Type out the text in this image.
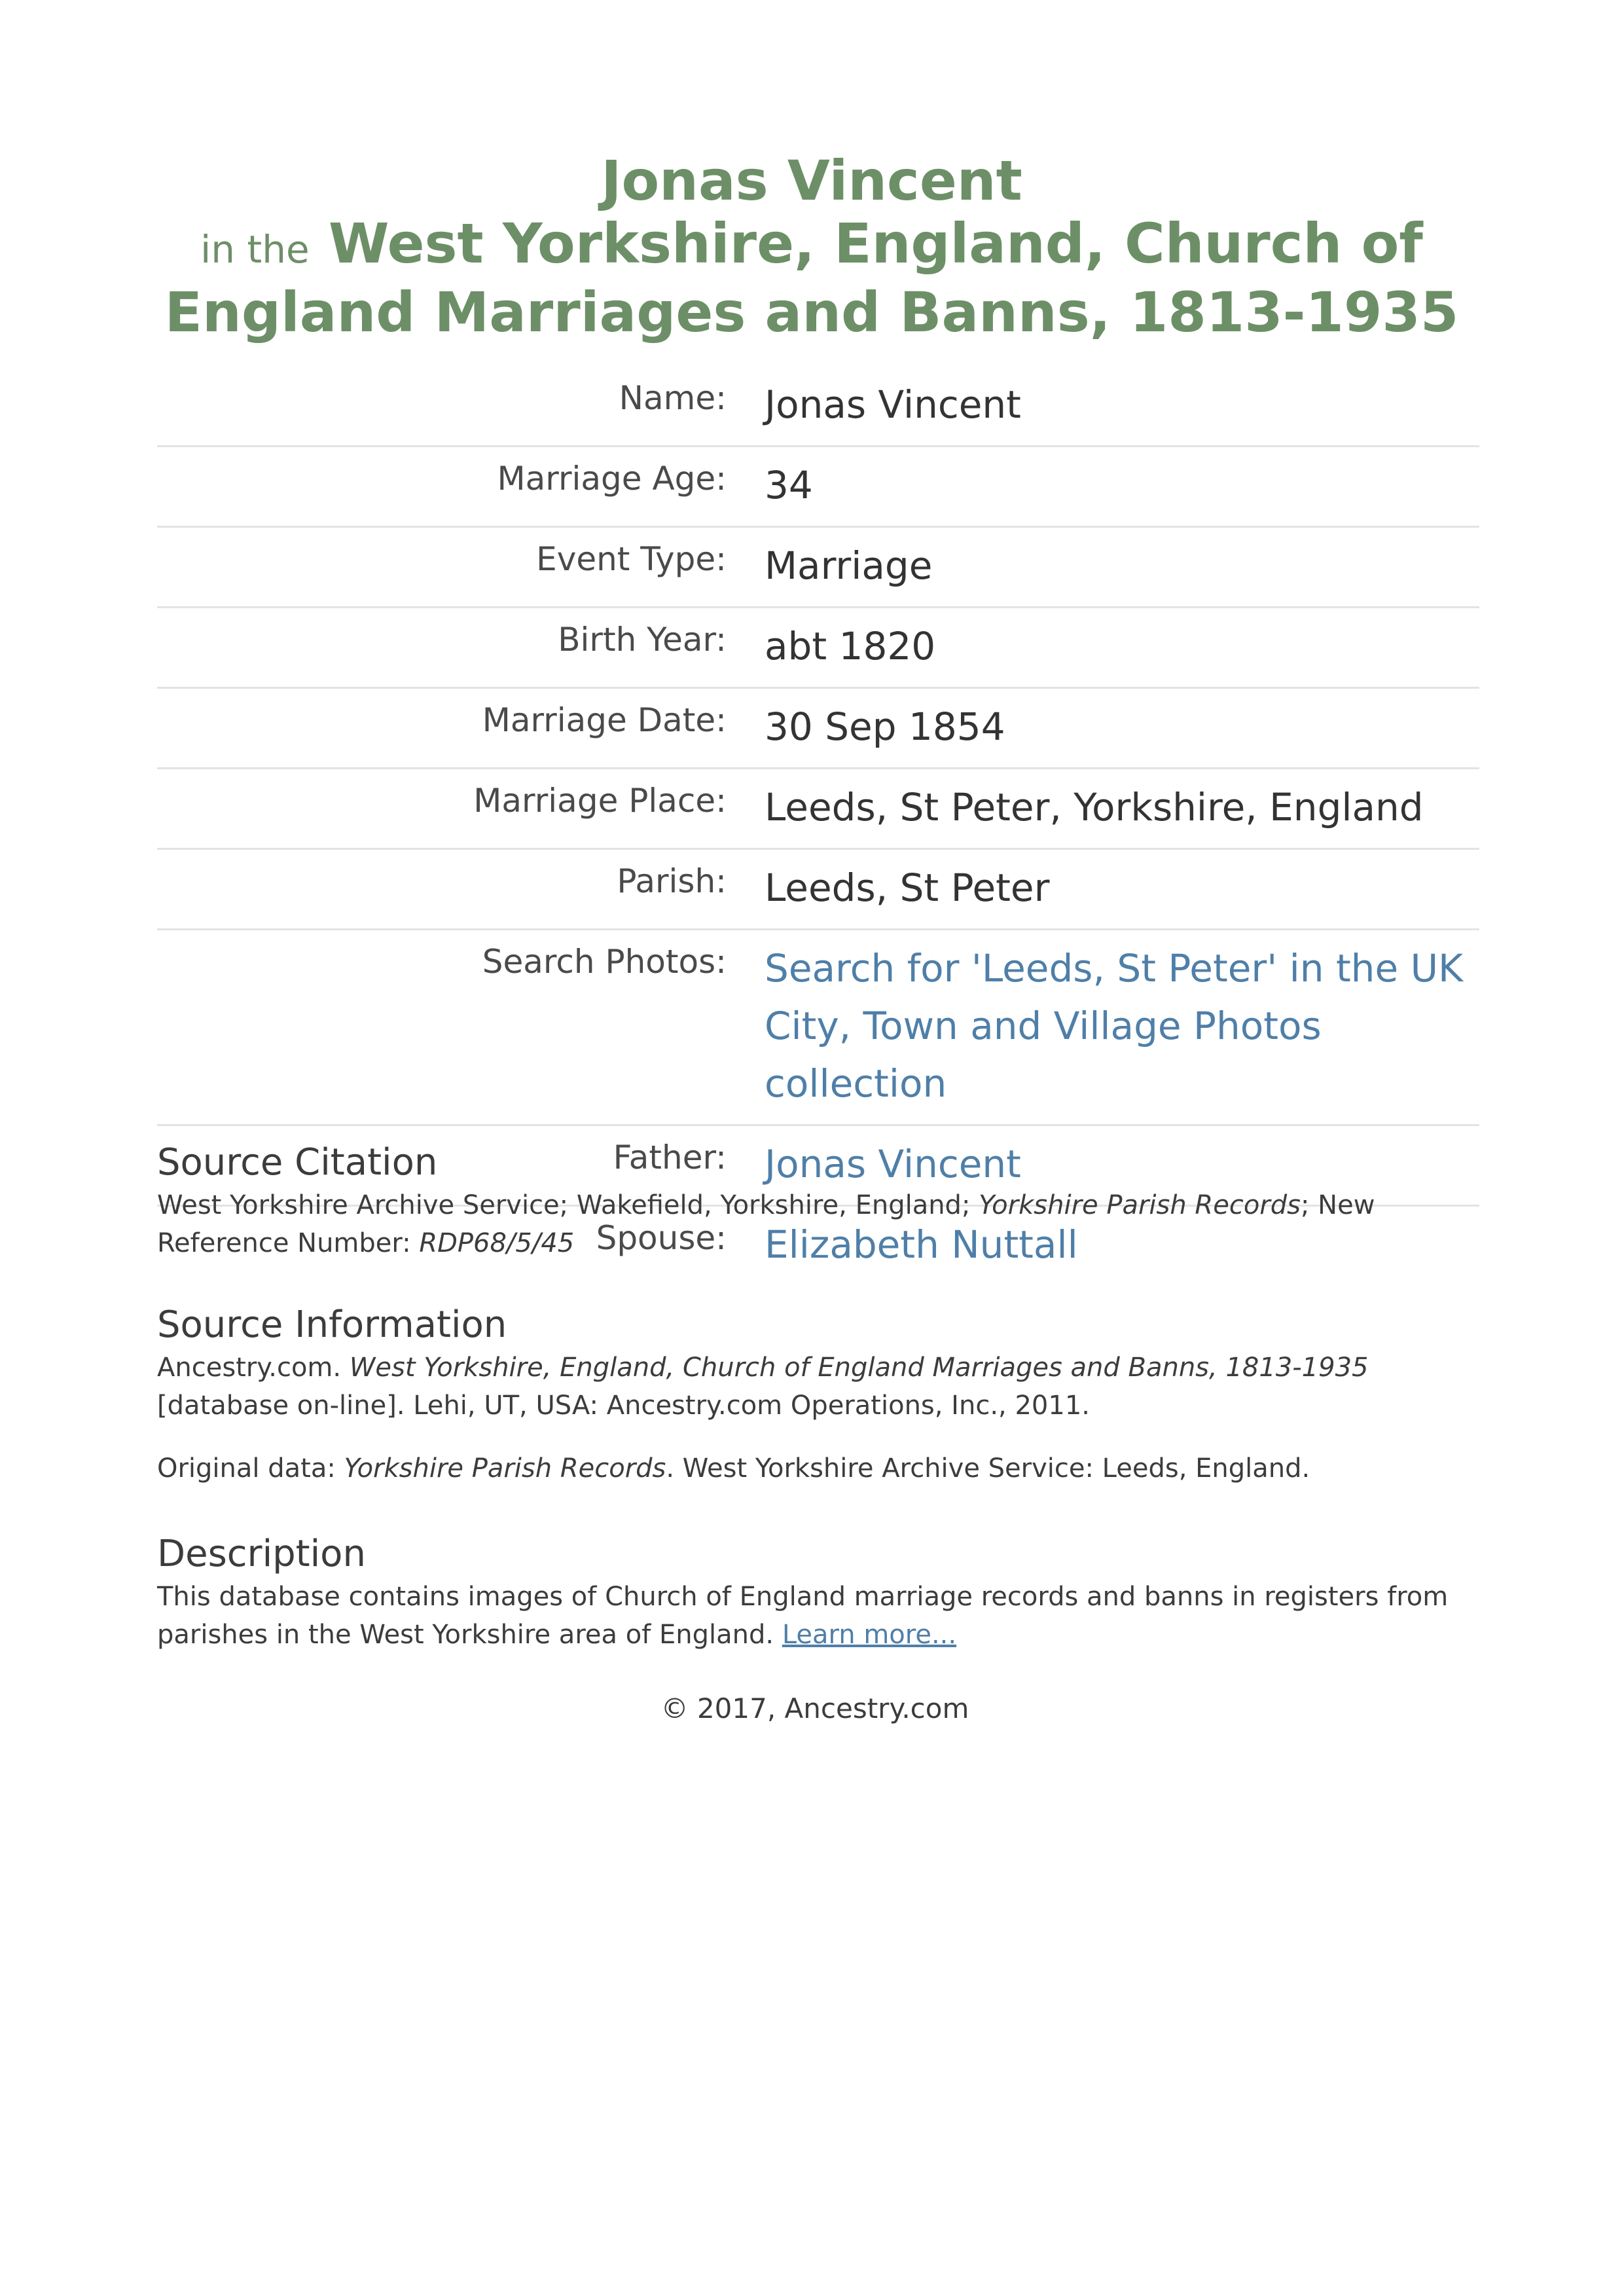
Jonas Vincent
in the West Yorkshire, England, Church of
England Marriages and Banns, 1813-1935
Name:	Jonas Vincent
Marriage Age:	34
Event Type:	Marriage
Birth Year:	abt 1820
Marriage Date:	30 Sep 1854
Marriage Place:	Leeds, St Peter, Yorkshire, England
Parish:	Leeds, St Peter
Search Photos:	Search for 'Leeds, St Peter' in the UK City, Town and Village Photos collection
Father:	Jonas Vincent
Spouse:	Elizabeth Nuttall
Source Citation

West Yorkshire Archive Service; Wakefield, Yorkshire, England; Yorkshire Parish Records; New Reference Number: RDP68/5/45

Source Information

Ancestry.com. West Yorkshire, England, Church of England Marriages and Banns, 1813-1935 [database on-line]. Lehi, UT, USA: Ancestry.com Operations, Inc., 2011.

Original data: Yorkshire Parish Records. West Yorkshire Archive Service: Leeds, England.

Description

This database contains images of Church of England marriage records and banns in registers from parishes in the West Yorkshire area of England. Learn more...

© 2017, Ancestry.com
